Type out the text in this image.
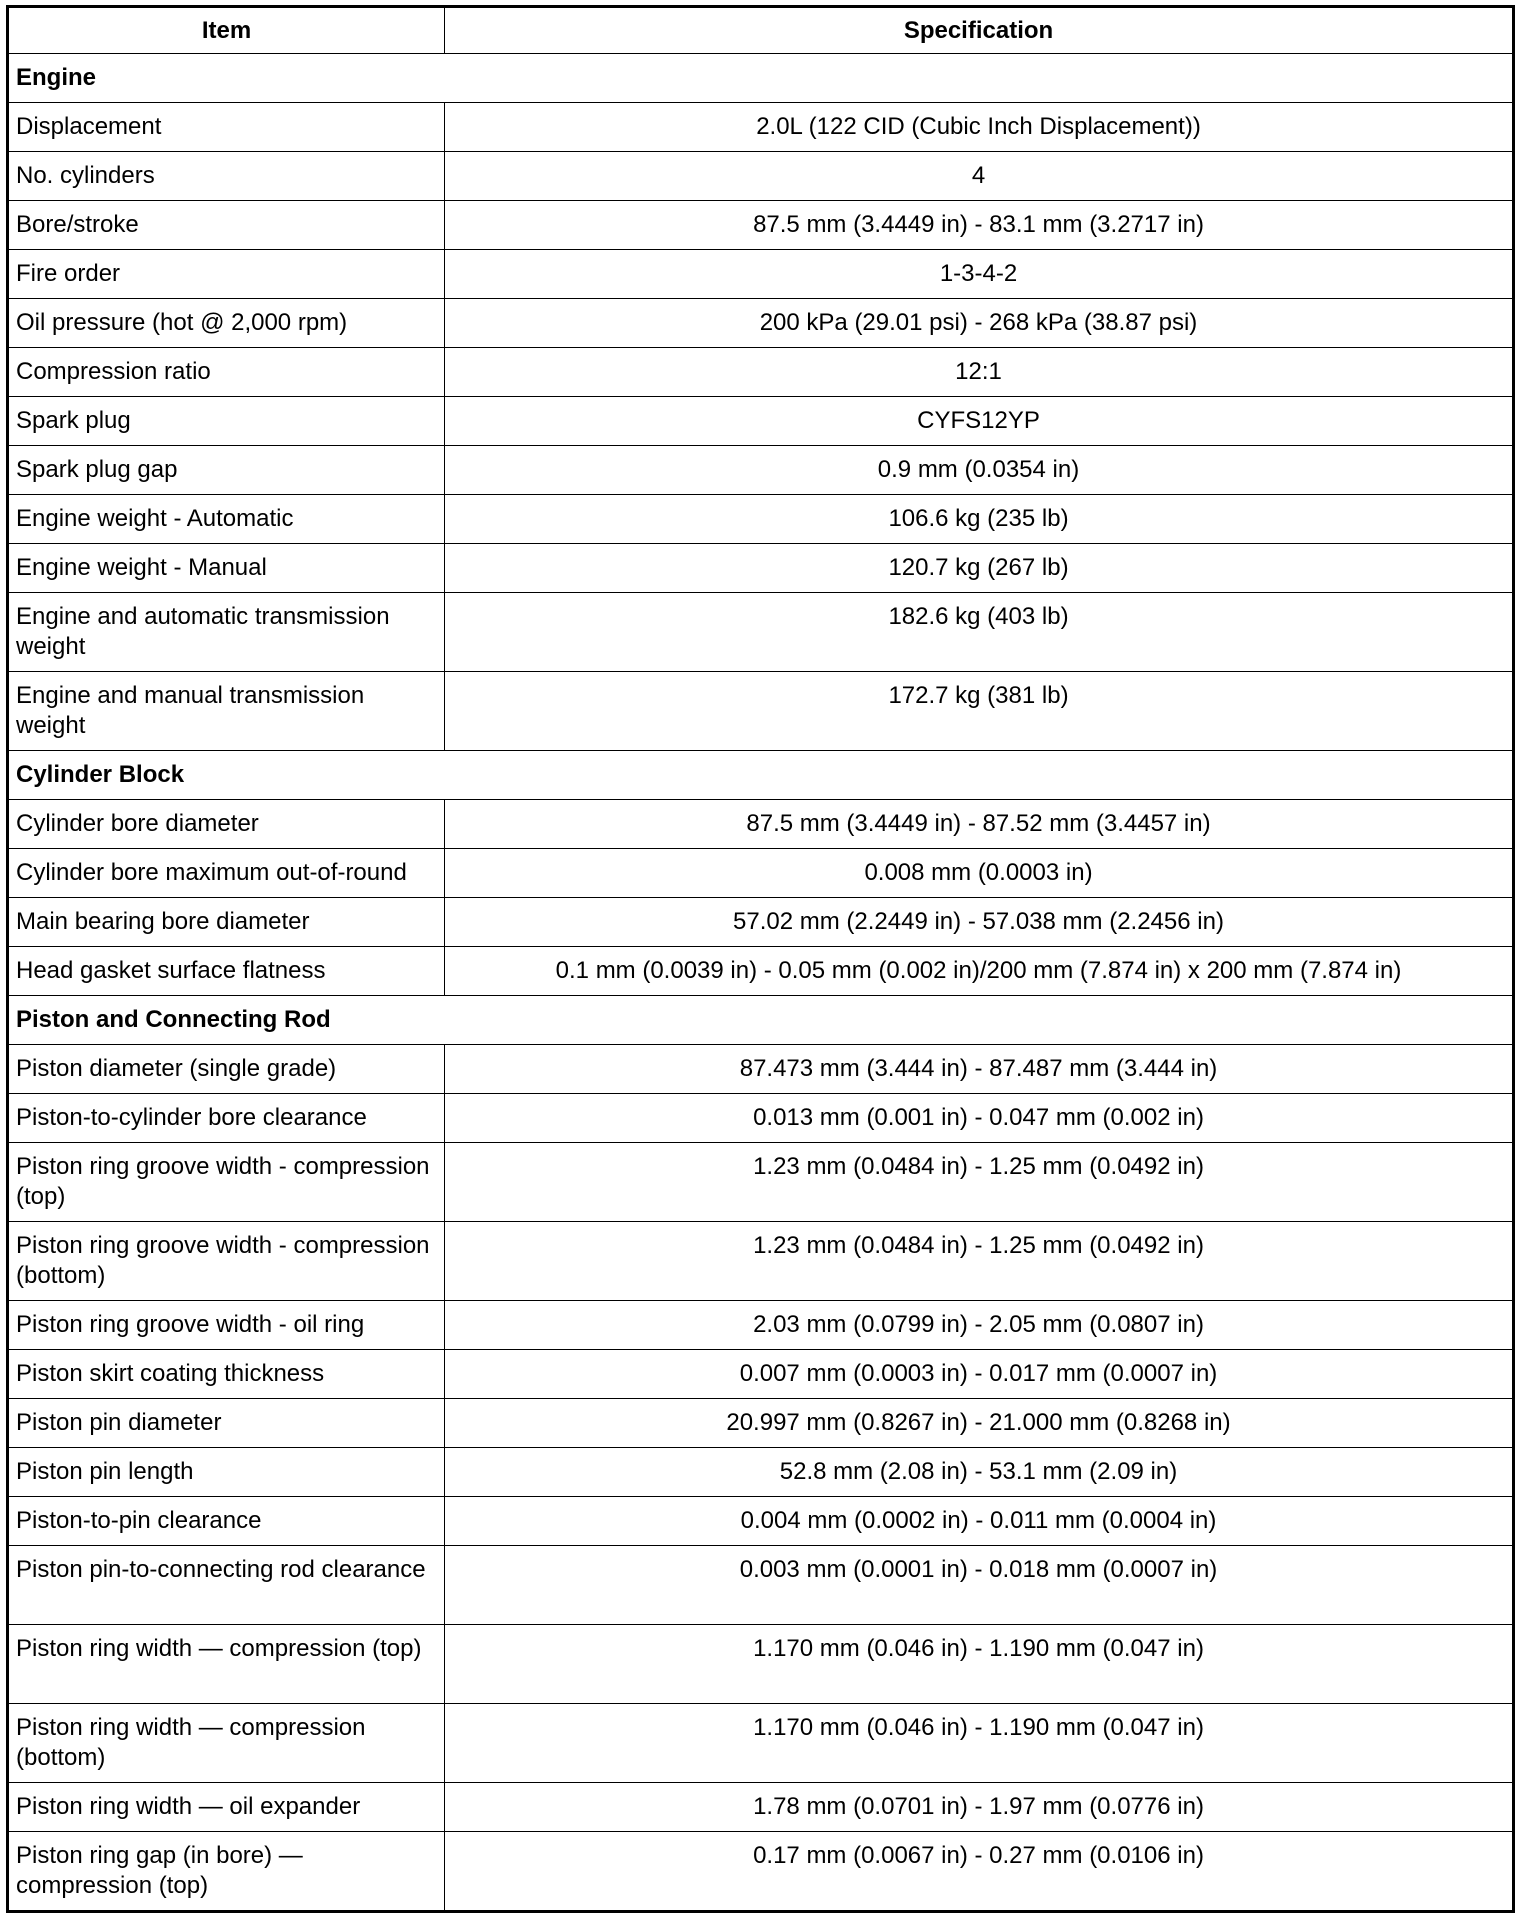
Item	Specification
Engine	
Displacement	2.0L (122 CID (Cubic Inch Displacement))
No. cylinders	4
Bore/stroke	87.5 mm (3.4449 in) - 83.1 mm (3.2717 in)
Fire order	1-3-4-2
Oil pressure (hot @ 2,000 rpm)	200 kPa (29.01 psi) - 268 kPa (38.87 psi)
Compression ratio	12:1
Spark plug	CYFS12YP
Spark plug gap	0.9 mm (0.0354 in)
Engine weight - Automatic	106.6 kg (235 lb)
Engine weight - Manual	120.7 kg (267 lb)
Engine and automatic transmission weight	182.6 kg (403 lb)
Engine and manual transmission weight	172.7 kg (381 lb)
Cylinder Block	
Cylinder bore diameter	87.5 mm (3.4449 in) - 87.52 mm (3.4457 in)
Cylinder bore maximum out-of-round	0.008 mm (0.0003 in)
Main bearing bore diameter	57.02 mm (2.2449 in) - 57.038 mm (2.2456 in)
Head gasket surface flatness	0.1 mm (0.0039 in) - 0.05 mm (0.002 in)/200 mm (7.874 in) x 200 mm (7.874 in)
Piston and Connecting Rod	
Piston diameter (single grade)	87.473 mm (3.444 in) - 87.487 mm (3.444 in)
Piston-to-cylinder bore clearance	0.013 mm (0.001 in) - 0.047 mm (0.002 in)
Piston ring groove width - compression (top)	1.23 mm (0.0484 in) - 1.25 mm (0.0492 in)
Piston ring groove width - compression (bottom)	1.23 mm (0.0484 in) - 1.25 mm (0.0492 in)
Piston ring groove width - oil ring	2.03 mm (0.0799 in) - 2.05 mm (0.0807 in)
Piston skirt coating thickness	0.007 mm (0.0003 in) - 0.017 mm (0.0007 in)
Piston pin diameter	20.997 mm (0.8267 in) - 21.000 mm (0.8268 in)
Piston pin length	52.8 mm (2.08 in) - 53.1 mm (2.09 in)
Piston-to-pin clearance	0.004 mm (0.0002 in) - 0.011 mm (0.0004 in)
Piston pin-to-connecting rod clearance	0.003 mm (0.0001 in) - 0.018 mm (0.0007 in)
Piston ring width — compression (top)	1.170 mm (0.046 in) - 1.190 mm (0.047 in)
Piston ring width — compression (bottom)	1.170 mm (0.046 in) - 1.190 mm (0.047 in)
Piston ring width — oil expander	1.78 mm (0.0701 in) - 1.97 mm (0.0776 in)
Piston ring gap (in bore) — compression (top)	0.17 mm (0.0067 in) - 0.27 mm (0.0106 in)
